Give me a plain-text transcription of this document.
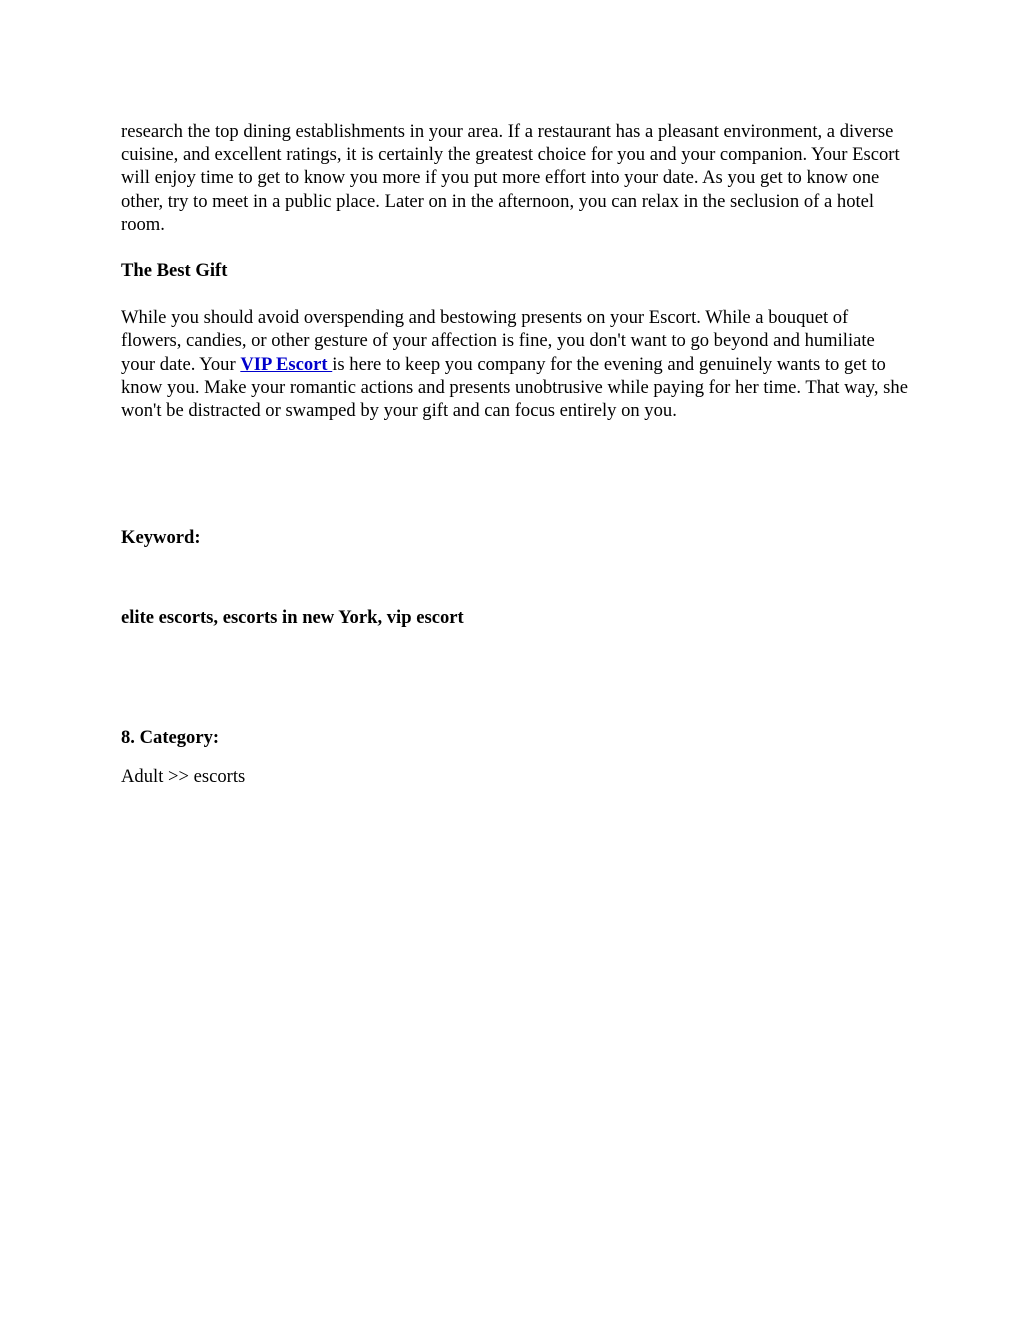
research the top dining establishments in your area. If a restaurant has a pleasant environment, a diverse cuisine, and excellent ratings, it is certainly the greatest choice for you and your companion. Your Escort will enjoy time to get to know you more if you put more effort into your date. As you get to know one other, try to meet in a public place. Later on in the afternoon, you can relax in the seclusion of a hotel room.

The Best Gift

While you should avoid overspending and bestowing presents on your Escort. While a bouquet of flowers, candies, or other gesture of your affection is fine, you don't want to go beyond and humiliate your date. Your VIP Escort is here to keep you company for the evening and genuinely wants to get to know you. Make your romantic actions and presents unobtrusive while paying for her time. That way, she won't be distracted or swamped by your gift and can focus entirely on you.

Keyword:

elite escorts, escorts in new York, vip escort

8. Category:

Adult >> escorts
